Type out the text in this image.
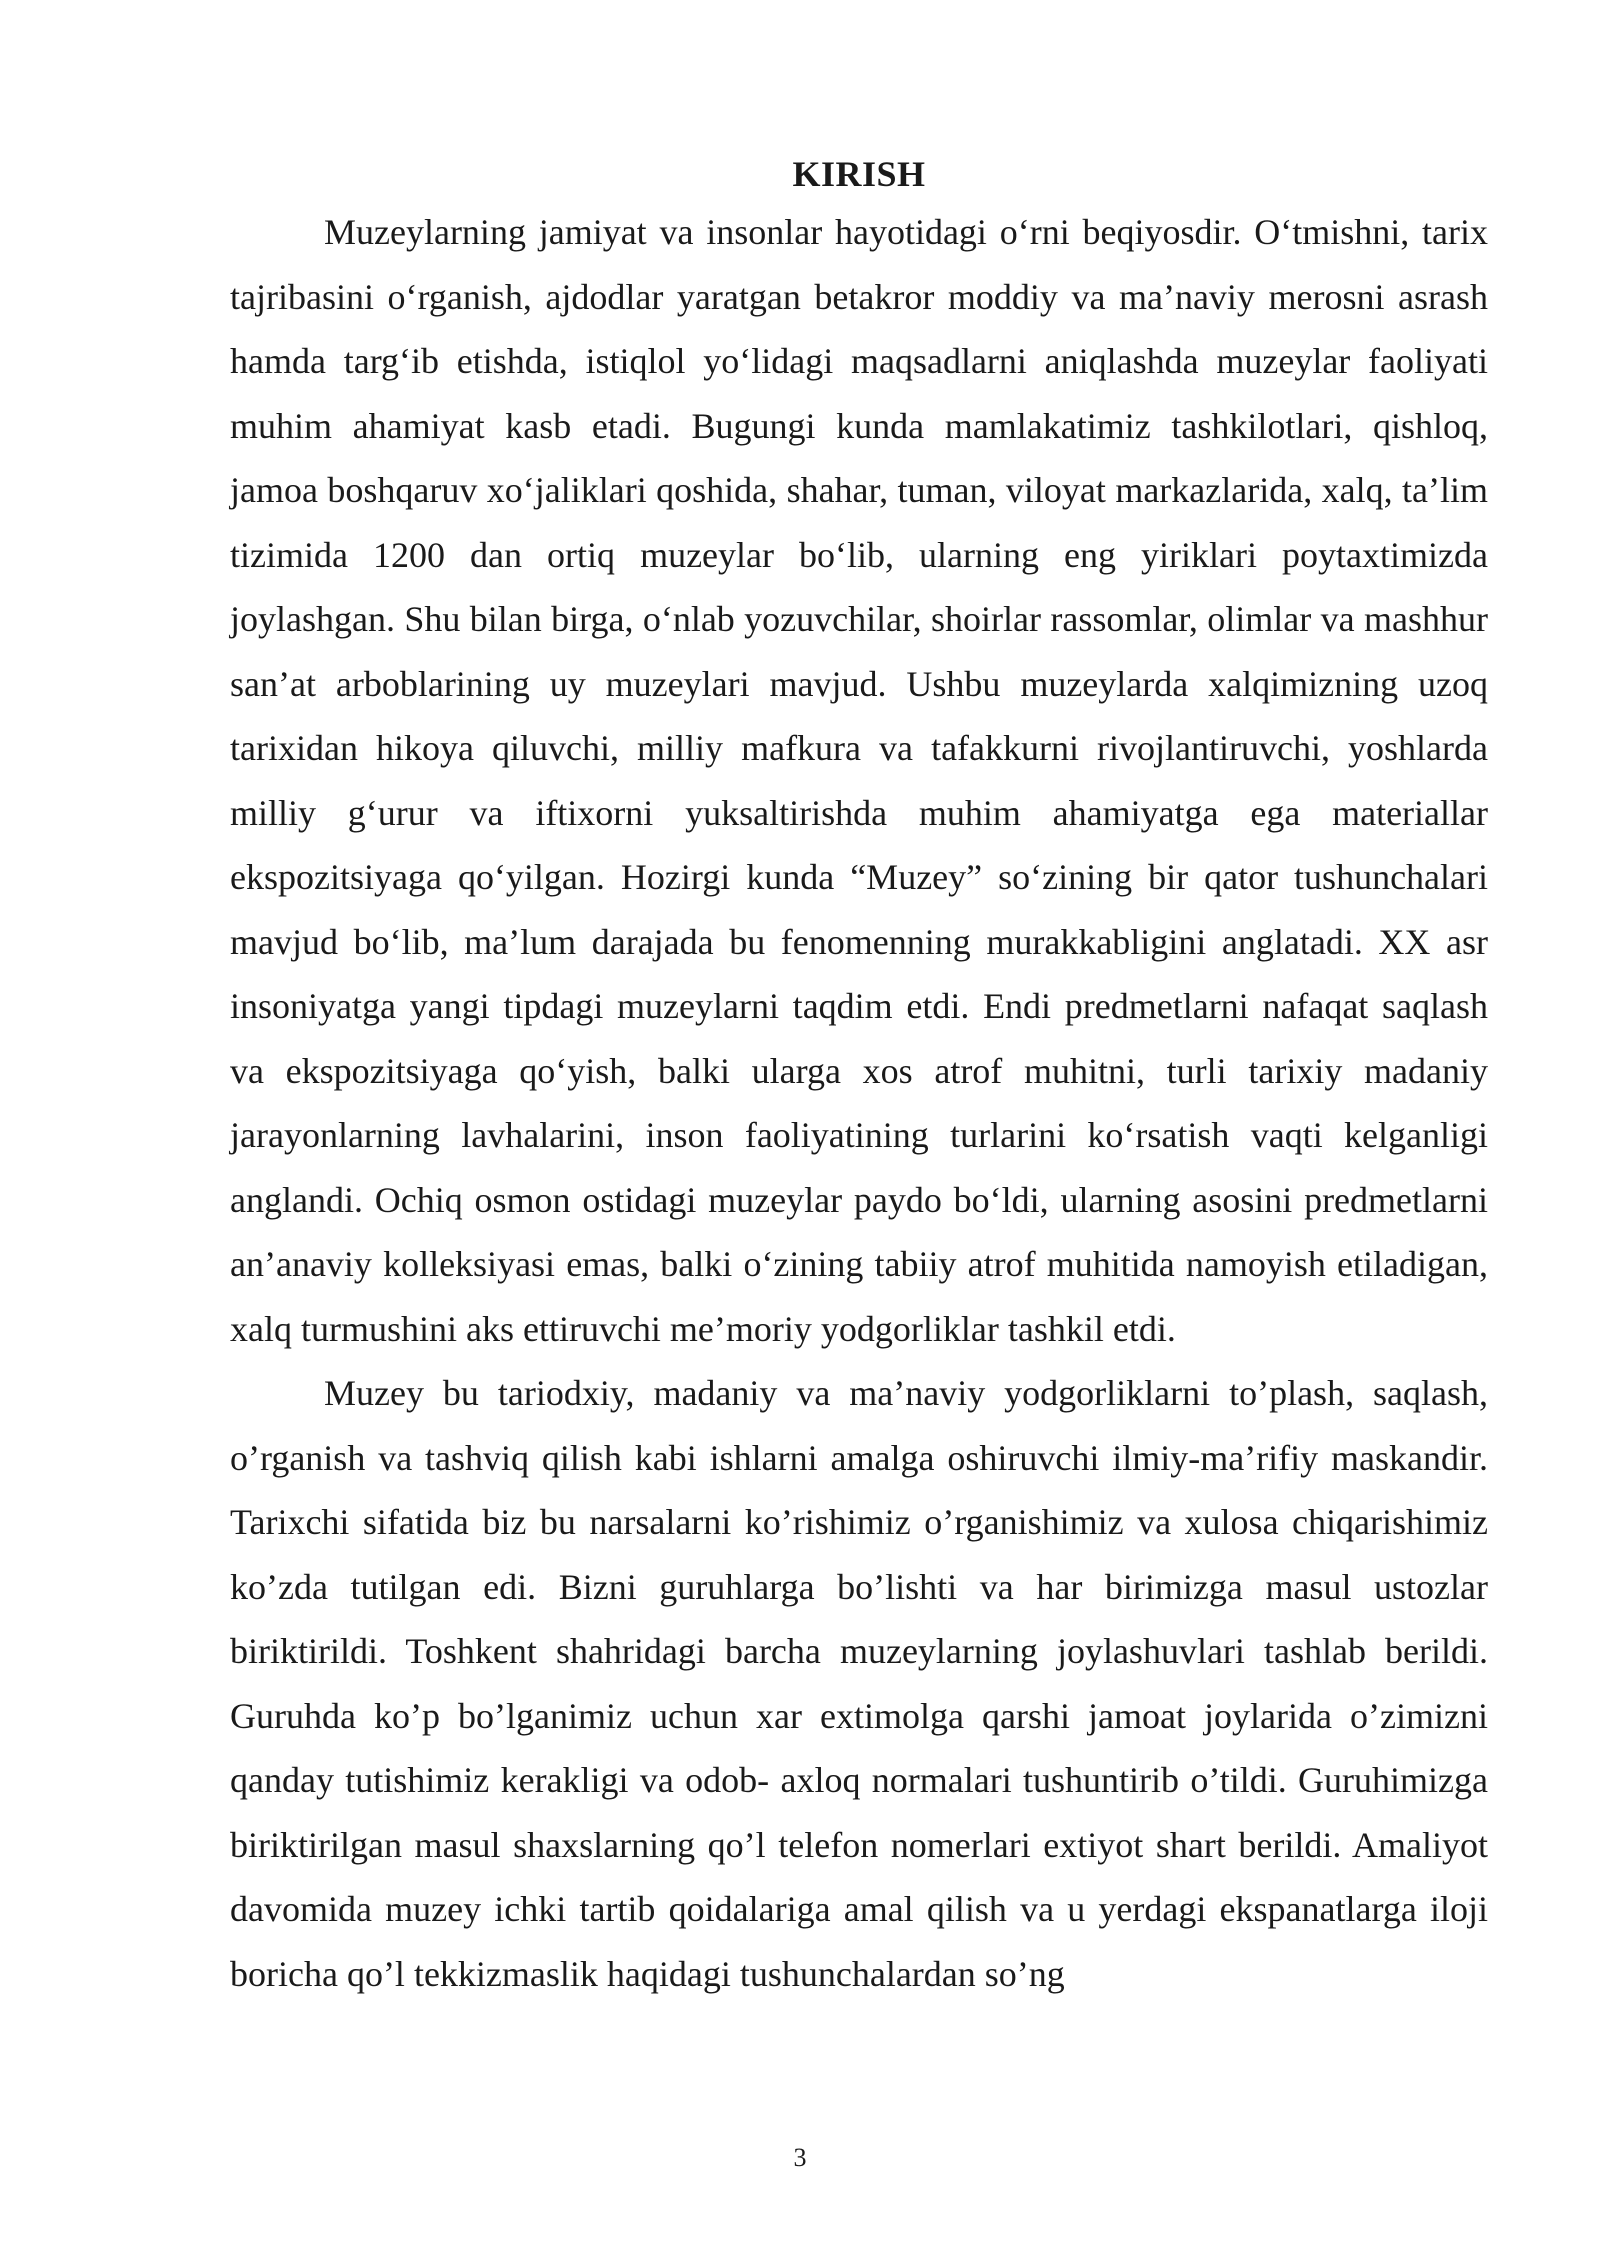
KIRISH

Muzeylarning jamiyat va insonlar hayotidagi o‘rni beqiyosdir. O‘tmishni, tarix tajribasini o‘rganish, ajdodlar yaratgan betakror moddiy va ma’naviy merosni asrash hamda targ‘ib etishda, istiqlol yo‘lidagi maqsadlarni aniqlashda muzeylar faoliyati muhim ahamiyat kasb etadi. Bugungi kunda mamlakatimiz tashkilotlari, qishloq, jamoa boshqaruv xo‘jaliklari qoshida, shahar, tuman, viloyat markazlarida, xalq, ta’lim tizimida 1200 dan ortiq muzeylar bo‘lib, ularning eng yiriklari poytaxtimizda joylashgan. Shu bilan birga, o‘nlab yozuvchilar, shoirlar rassomlar, olimlar va mashhur san’at arboblarining uy muzeylari mavjud. Ushbu muzeylarda xalqimizning uzoq tarixidan hikoya qiluvchi, milliy mafkura va tafakkurni rivojlantiruvchi, yoshlarda milliy g‘urur va iftixorni yuksaltirishda muhim ahamiyatga ega materiallar ekspozitsiyaga qo‘yilgan. Hozirgi kunda “Muzey” so‘zining bir qator tushunchalari mavjud bo‘lib, ma’lum darajada bu fenomenning murakkabligini anglatadi. XX asr insoniyatga yangi tipdagi muzeylarni taqdim etdi. Endi predmetlarni nafaqat saqlash va ekspozitsiyaga qo‘yish, balki ularga xos atrof muhitni, turli tarixiy madaniy jarayonlarning lavhalarini, inson faoliyatining turlarini ko‘rsatish vaqti kelganligi anglandi. Ochiq osmon ostidagi muzeylar paydo bo‘ldi, ularning asosini predmetlarni an’anaviy kolleksiyasi emas, balki o‘zining tabiiy atrof muhitida namoyish etiladigan, xalq turmushini aks ettiruvchi me’moriy yodgorliklar tashkil etdi.

Muzey bu tariodxiy, madaniy va ma’naviy yodgorliklarni to’plash, saqlash, o’rganish va tashviq qilish kabi ishlarni amalga oshiruvchi ilmiy-ma’rifiy maskandir. Tarixchi sifatida biz bu narsalarni ko’rishimiz o’rganishimiz va xulosa chiqarishimiz ko’zda tutilgan edi. Bizni guruhlarga bo’lishti va har birimizga masul ustozlar biriktirildi. Toshkent shahridagi barcha muzeylarning joylashuvlari tashlab berildi. Guruhda ko’p bo’lganimiz uchun xar extimolga qarshi jamoat joylarida o’zimizni qanday tutishimiz kerakligi va odob- axloq normalari tushuntirib o’tildi. Guruhimizga biriktirilgan masul shaxslarning qo’l telefon nomerlari extiyot shart berildi. Amaliyot davomida muzey ichki tartib qoidalariga amal qilish va u yerdagi ekspanatlarga iloji boricha qo’l tekkizmaslik haqidagi tushunchalardan so’ng

3
